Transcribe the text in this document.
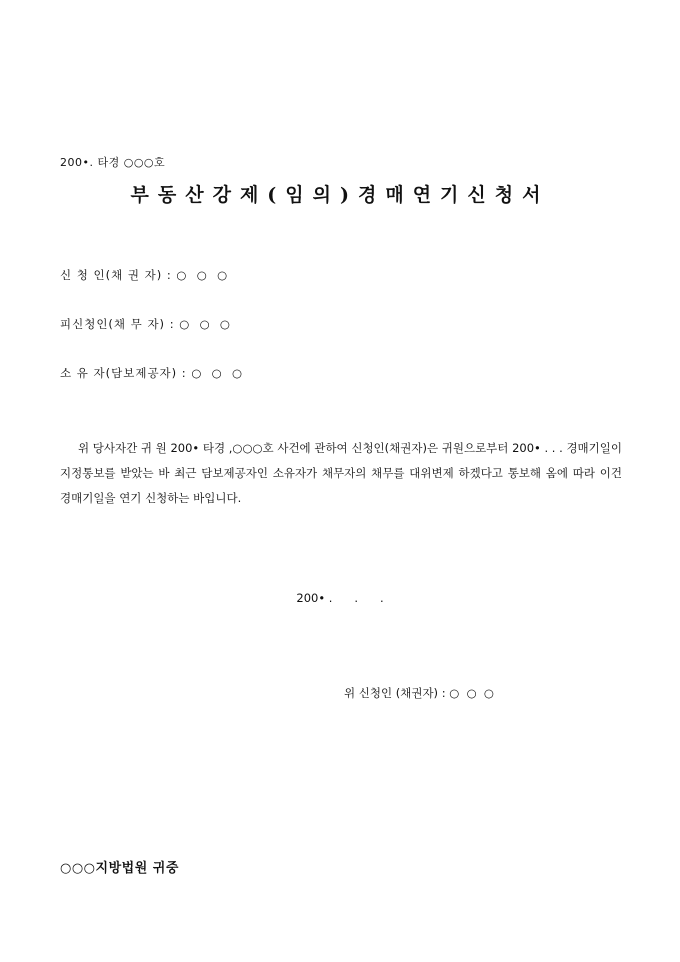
200•. 타경 ○○○호
부동산강제(임의)경매연기신청서
신 청 인(채 권 자) : ○  ○  ○
피신청인(채 무 자) : ○  ○  ○
소 유 자(담보제공자) : ○  ○  ○
위 당사자간 귀 원 200• 타경 ,○○○호 사건에 관하여 신청인(채권자)은 귀원으로부터 200• . . . 경매기일이 지정통보를 받았는 바 최근 담보제공자인 소유자가 채무자의 채무를 대위변제 하겠다고 통보해 옴에 따라 이건 경매기일을 연기 신청하는 바입니다.
200• .      .      .
위 신청인 (채권자) : ○  ○  ○
○○○지방법원 귀중
